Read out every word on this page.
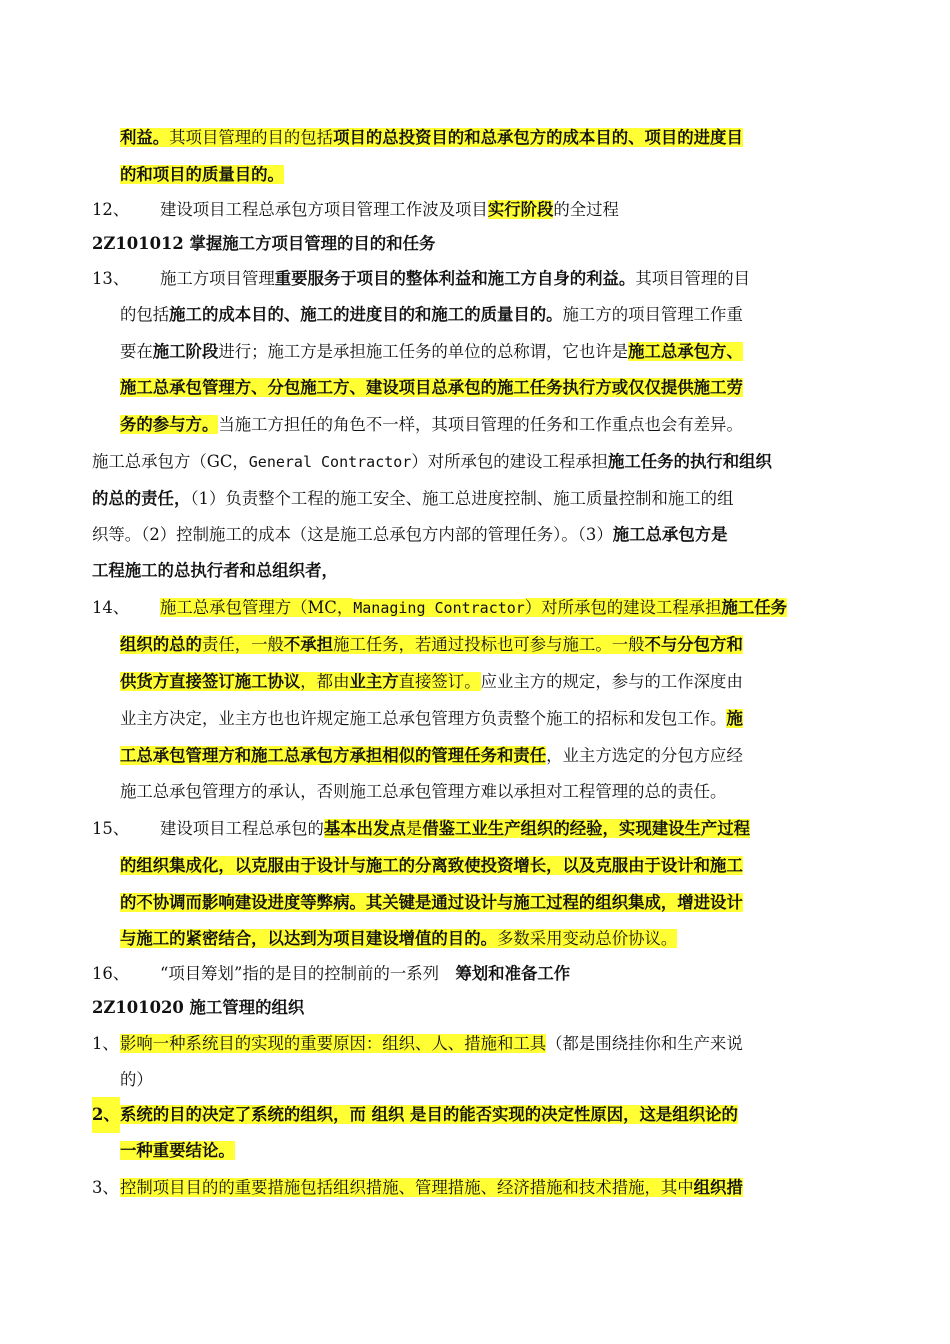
利益。其项目管理的目的包括项目的总投资目的和总承包方的成本目的、项目的进度目
的和项目的质量目的。
12、 建设项目工程总承包方项目管理工作波及项目实行阶段的全过程
2Z101012 掌握施工方项目管理的目的和任务
13、 施工方项目管理重要服务于项目的整体利益和施工方自身的利益。其项目管理的目
的包括施工的成本目的、施工的进度目的和施工的质量目的。施工方的项目管理工作重
要在施工阶段进行；施工方是承担施工任务的单位的总称谓，它也许是施工总承包方、
施工总承包管理方、分包施工方、建设项目总承包的施工任务执行方或仅仅提供施工劳
务的参与方。当施工方担任的角色不一样，其项目管理的任务和工作重点也会有差异。
施工总承包方（GC，General Contractor）对所承包的建设工程承担施工任务的执行和组织
的总的责任，（1）负责整个工程的施工安全、施工总进度控制、施工质量控制和施工的组
织等。（2）控制施工的成本（这是施工总承包方内部的管理任务）。（3）施工总承包方是
工程施工的总执行者和总组织者，
14、 施工总承包管理方（MC，Managing Contractor）对所承包的建设工程承担施工任务
组织的总的责任，一般不承担施工任务，若通过投标也可参与施工。一般不与分包方和
供货方直接签订施工协议，都由业主方直接签订。应业主方的规定，参与的工作深度由
业主方决定，业主方也也许规定施工总承包管理方负责整个施工的招标和发包工作。施
工总承包管理方和施工总承包方承担相似的管理任务和责任，业主方选定的分包方应经
施工总承包管理方的承认，否则施工总承包管理方难以承担对工程管理的总的责任。
15、 建设项目工程总承包的基本出发点是借鉴工业生产组织的经验，实现建设生产过程
的组织集成化，以克服由于设计与施工的分离致使投资增长，以及克服由于设计和施工
的不协调而影响建设进度等弊病。其关键是通过设计与施工过程的组织集成，增进设计
与施工的紧密结合，以达到为项目建设增值的目的。多数采用变动总价协议。
16、 “项目筹划”指的是目的控制前的一系列　筹划和准备工作
2Z101020 施工管理的组织
1、 影响一种系统目的实现的重要原因：组织、人、措施和工具（都是围绕挂你和生产来说
的）
2、 系统的目的决定了系统的组织，而 组织 是目的能否实现的决定性原因，这是组织论的
一种重要结论。
3、 控制项目目的的重要措施包括组织措施、管理措施、经济措施和技术措施，其中组织措
